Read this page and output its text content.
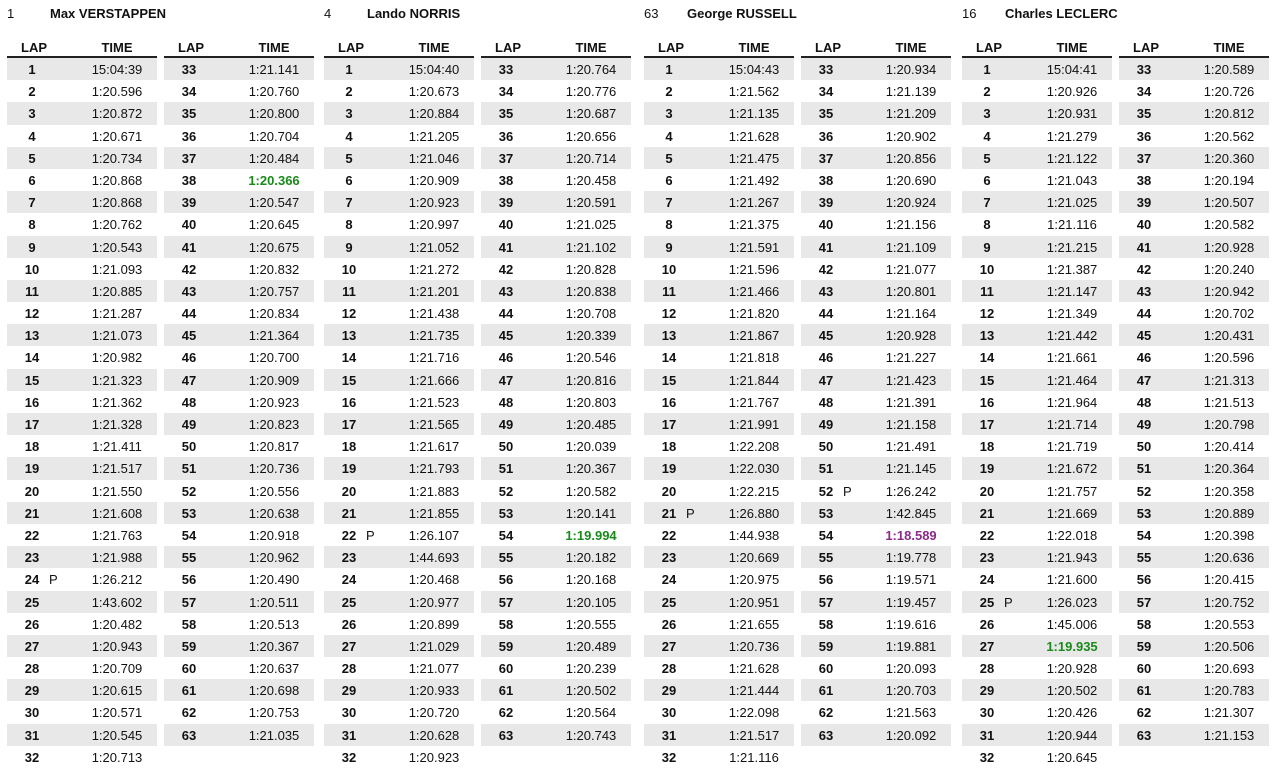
1	Max VERSTAPPEN
LAP	TIME
1	15:04:39
2	1:20.596
3	1:20.872
4	1:20.671
5	1:20.734
6	1:20.868
7	1:20.868
8	1:20.762
9	1:20.543
10	1:21.093
11	1:20.885
12	1:21.287
13	1:21.073
14	1:20.982
15	1:21.323
16	1:21.362
17	1:21.328
18	1:21.411
19	1:21.517
20	1:21.550
21	1:21.608
22	1:21.763
23	1:21.988
24 P	1:26.212
25	1:43.602
26	1:20.482
27	1:20.943
28	1:20.709
29	1:20.615
30	1:20.571
31	1:20.545
32	1:20.713
LAP	TIME
33	1:21.141
34	1:20.760
35	1:20.800
36	1:20.704
37	1:20.484
38	1:20.366
39	1:20.547
40	1:20.645
41	1:20.675
42	1:20.832
43	1:20.757
44	1:20.834
45	1:21.364
46	1:20.700
47	1:20.909
48	1:20.923
49	1:20.823
50	1:20.817
51	1:20.736
52	1:20.556
53	1:20.638
54	1:20.918
55	1:20.962
56	1:20.490
57	1:20.511
58	1:20.513
59	1:20.367
60	1:20.637
61	1:20.698
62	1:20.753
63	1:21.035
4	Lando NORRIS
LAP	TIME
1	15:04:40
2	1:20.673
3	1:20.884
4	1:21.205
5	1:21.046
6	1:20.909
7	1:20.923
8	1:20.997
9	1:21.052
10	1:21.272
11	1:21.201
12	1:21.438
13	1:21.735
14	1:21.716
15	1:21.666
16	1:21.523
17	1:21.565
18	1:21.617
19	1:21.793
20	1:21.883
21	1:21.855
22 P	1:26.107
23	1:44.693
24	1:20.468
25	1:20.977
26	1:20.899
27	1:21.029
28	1:21.077
29	1:20.933
30	1:20.720
31	1:20.628
32	1:20.923
LAP	TIME
33	1:20.764
34	1:20.776
35	1:20.687
36	1:20.656
37	1:20.714
38	1:20.458
39	1:20.591
40	1:21.025
41	1:21.102
42	1:20.828
43	1:20.838
44	1:20.708
45	1:20.339
46	1:20.546
47	1:20.816
48	1:20.803
49	1:20.485
50	1:20.039
51	1:20.367
52	1:20.582
53	1:20.141
54	1:19.994
55	1:20.182
56	1:20.168
57	1:20.105
58	1:20.555
59	1:20.489
60	1:20.239
61	1:20.502
62	1:20.564
63	1:20.743
63 George RUSSELL
LAP	TIME
1	15:04:43
2	1:21.562
3	1:21.135
4	1:21.628
5	1:21.475
6	1:21.492
7	1:21.267
8	1:21.375
9	1:21.591
10	1:21.596
11	1:21.466
12	1:21.820
13	1:21.867
14	1:21.818
15	1:21.844
16	1:21.767
17	1:21.991
18	1:22.208
19	1:22.030
20	1:22.215
21 P	1:26.880
22	1:44.938
23	1:20.669
24	1:20.975
25	1:20.951
26	1:21.655
27	1:20.736
28	1:21.628
29	1:21.444
30	1:22.098
31	1:21.517
32	1:21.116
LAP	TIME
33	1:20.934
34	1:21.139
35	1:21.209
36	1:20.902
37	1:20.856
38	1:20.690
39	1:20.924
40	1:21.156
41	1:21.109
42	1:21.077
43	1:20.801
44	1:21.164
45	1:20.928
46	1:21.227
47	1:21.423
48	1:21.391
49	1:21.158
50	1:21.491
51	1:21.145
52 P	1:26.242
53	1:42.845
54	1:18.589
55	1:19.778
56	1:19.571
57	1:19.457
58	1:19.616
59	1:19.881
60	1:20.093
61	1:20.703
62	1:21.563
63	1:20.092
16 Charles LECLERC
LAP	TIME
1	15:04:41
2	1:20.926
3	1:20.931
4	1:21.279
5	1:21.122
6	1:21.043
7	1:21.025
8	1:21.116
9	1:21.215
10	1:21.387
11	1:21.147
12	1:21.349
13	1:21.442
14	1:21.661
15	1:21.464
16	1:21.964
17	1:21.714
18	1:21.719
19	1:21.672
20	1:21.757
21	1:21.669
22	1:22.018
23	1:21.943
24	1:21.600
25 P	1:26.023
26	1:45.006
27	1:19.935
28	1:20.928
29	1:20.502
30	1:20.426
31	1:20.944
32	1:20.645
LAP	TIME
33	1:20.589
34	1:20.726
35	1:20.812
36	1:20.562
37	1:20.360
38	1:20.194
39	1:20.507
40	1:20.582
41	1:20.928
42	1:20.240
43	1:20.942
44	1:20.702
45	1:20.431
46	1:20.596
47	1:21.313
48	1:21.513
49	1:20.798
50	1:20.414
51	1:20.364
52	1:20.358
53	1:20.889
54	1:20.398
55	1:20.636
56	1:20.415
57	1:20.752
58	1:20.553
59	1:20.506
60	1:20.693
61	1:20.783
62	1:21.307
63	1:21.153
